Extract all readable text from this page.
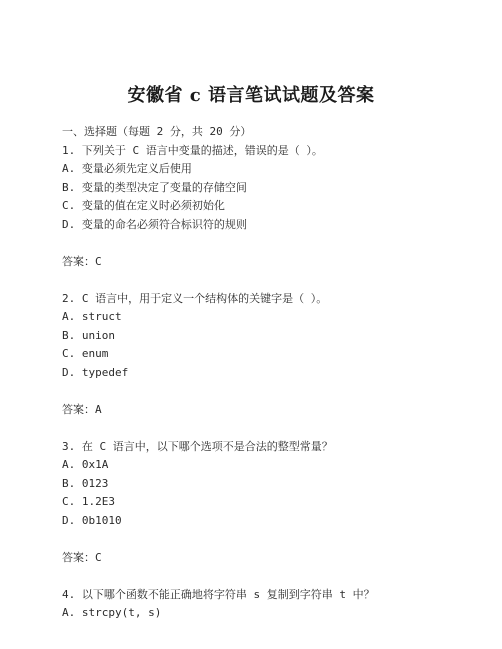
安徽省 c 语言笔试试题及答案
一、选择题（每题 2 分，共 20 分）
1. 下列关于 C 语言中变量的描述，错误的是（ ）。
A. 变量必须先定义后使用
B. 变量的类型决定了变量的存储空间
C. 变量的值在定义时必须初始化
D. 变量的命名必须符合标识符的规则
答案：C
2. C 语言中，用于定义一个结构体的关键字是（ ）。
A. struct
B. union
C. enum
D. typedef
答案：A
3. 在 C 语言中，以下哪个选项不是合法的整型常量？
A. 0x1A
B. 0123
C. 1.2E3
D. 0b1010
答案：C
4. 以下哪个函数不能正确地将字符串 s 复制到字符串 t 中？
A. strcpy(t, s)
